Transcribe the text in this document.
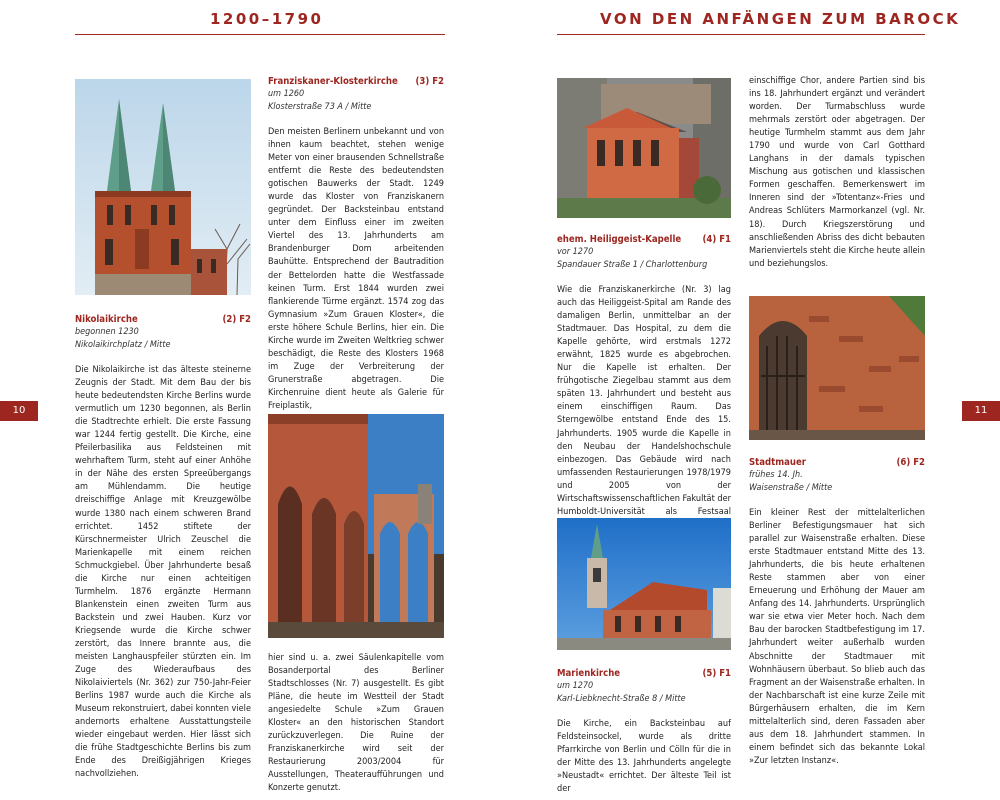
1200–1790
10
Nikolaikirche	(2) F2
begonnen 1230
Nikolaikirchplatz / Mitte

Die Nikolaikirche ist das älteste steinerne Zeugnis der Stadt. Mit dem Bau der bis heute bedeutendsten Kirche Berlins wurde vermutlich um 1230 begonnen, als Berlin die Stadtrechte erhielt. Die erste Fassung war 1244 fertig gestellt. Die Kirche, eine Pfeilerbasilika aus Feldsteinen mit wehrhaftem Turm, steht auf einer Anhöhe in der Nähe des ersten Spreeübergangs am Mühlendamm. Die heutige dreischiffige Anlage mit Kreuzgewölbe wurde 1380 nach einem schweren Brand errichtet. 1452 stiftete der Kürschnermeister Ulrich Zeuschel die Marienkapelle mit einem reichen Schmuckgiebel. Über Jahrhunderte besaß die Kirche nur einen achteitigen Turmhelm. 1876 ergänzte Hermann Blankenstein einen zweiten Turm aus Backstein und zwei Hauben. Kurz vor Kriegsende wurde die Kirche schwer zerstört, das Innere brannte aus, die meisten Langhauspfeiler stürzten ein. Im Zuge des Wiederaufbaus des Nikolaiviertels (Nr. 362) zur 750-Jahr-Feier Berlins 1987 wurde auch die Kirche als Museum rekonstruiert, dabei konnten viele andernorts erhaltene Ausstattungsteile wieder eingebaut werden. Hier lässt sich die frühe Stadtgeschichte Berlins bis zum Ende des Dreißigjährigen Krieges nachvollziehen.

Franziskaner-Klosterkirche (3) F2
um 1260
Klosterstraße 73 A / Mitte

Den meisten Berlinern unbekannt und von ihnen kaum beachtet, stehen wenige Meter von einer brausenden Schnellstraße entfernt die Reste des bedeutendsten gotischen Bauwerks der Stadt. 1249 wurde das Kloster von Franziskanern gegründet. Der Backsteinbau entstand unter dem Einfluss einer im zweiten Viertel des 13. Jahrhunderts am Brandenburger Dom arbeitenden Bauhütte. Entsprechend der Bautradition der Bettelorden hatte die Westfassade keinen Turm. Erst 1844 wurden zwei flankierende Türme ergänzt. 1574 zog das Gymnasium »Zum Grauen Kloster«, die erste höhere Schule Berlins, hier ein. Die Kirche wurde im Zweiten Weltkrieg schwer beschädigt, die Reste des Klosters 1968 im Zuge der Verbreiterung der Grunerstraße abgetragen. Die Kirchenruine dient heute als Galerie für Freiplastik,

hier sind u. a. zwei Säulenkapitelle vom Bosanderportal des Berliner Stadtschlosses (Nr. 7) ausgestellt. Es gibt Pläne, die heute im Westteil der Stadt angesiedelte Schule »Zum Grauen Kloster« an den historischen Standort zurückzuverlegen. Die Ruine der Franziskanerkirche wird seit der Restaurierung 2003/2004 für Ausstellungen, Theateraufführungen und Konzerte genutzt.

VON DEN ANFÄNGEN ZUM BAROCK
11
ehem. Heiliggeist-Kapelle (4) F1
vor 1270
Spandauer Straße 1 / Charlottenburg

Wie die Franziskanerkirche (Nr. 3) lag auch das Heiliggeist-Spital am Rande des damaligen Berlin, unmittelbar an der Stadtmauer. Das Hospital, zu dem die Kapelle gehörte, wird erstmals 1272 erwähnt, 1825 wurde es abgebrochen. Nur die Kapelle ist erhalten. Der frühgotische Ziegelbau stammt aus dem späten 13. Jahrhundert und besteht aus einem einschiffigen Raum. Das Sterngewölbe entstand Ende des 15. Jahrhunderts. 1905 wurde die Kapelle in den Neubau der Handelshochschule einbezogen. Das Gebäude wird nach umfassenden Restaurierungen 1978/1979 und 2005 von der Wirtschaftswissenschaftlichen Fakultät der Humboldt-Universität als Festsaal

Marienkirche	(5) F1
um 1270
Karl-Liebknecht-Straße 8 / Mitte

Die Kirche, ein Backsteinbau auf Feldsteinsockel, wurde als dritte Pfarrkirche von Berlin und Cölln für die in der Mitte des 13. Jahrhunderts angelegte »Neustadt« errichtet. Der älteste Teil ist der

einschiffige Chor, andere Partien sind bis ins 18. Jahrhundert ergänzt und verändert worden. Der Turmabschluss wurde mehrmals zerstört oder abgetragen. Der heutige Turmhelm stammt aus dem Jahr 1790 und wurde von Carl Gotthard Langhans in der damals typischen Mischung aus gotischen und klassischen Formen geschaffen. Bemerkenswert im Inneren sind der »Totentanz«-Fries und Andreas Schlüters Marmorkanzel (vgl. Nr. 18). Durch Kriegszerstörung und anschließenden Abriss des dicht bebauten Marienviertels steht die Kirche heute allein und beziehungslos.

Stadtmauer	(6) F2
frühes 14. Jh.
Waisenstraße / Mitte

Ein kleiner Rest der mittelalterlichen Berliner Befestigungsmauer hat sich parallel zur Waisenstraße erhalten. Diese erste Stadtmauer entstand Mitte des 13. Jahrhunderts, die bis heute erhaltenen Reste stammen aber von einer Erneuerung und Erhöhung der Mauer am Anfang des 14. Jahrhunderts. Ursprünglich war sie etwa vier Meter hoch. Nach dem Bau der barocken Stadtbefestigung im 17. Jahrhundert weiter außerhalb wurden Abschnitte der Stadtmauer mit Wohnhäusern überbaut. So blieb auch das Fragment an der Waisenstraße erhalten. In der Nachbarschaft ist eine kurze Zeile mit Bürgerhäusern erhalten, die im Kern mittelalterlich sind, deren Fassaden aber aus dem 18. Jahrhundert stammen. In einem befindet sich das bekannte Lokal »Zur letzten Instanz«.
